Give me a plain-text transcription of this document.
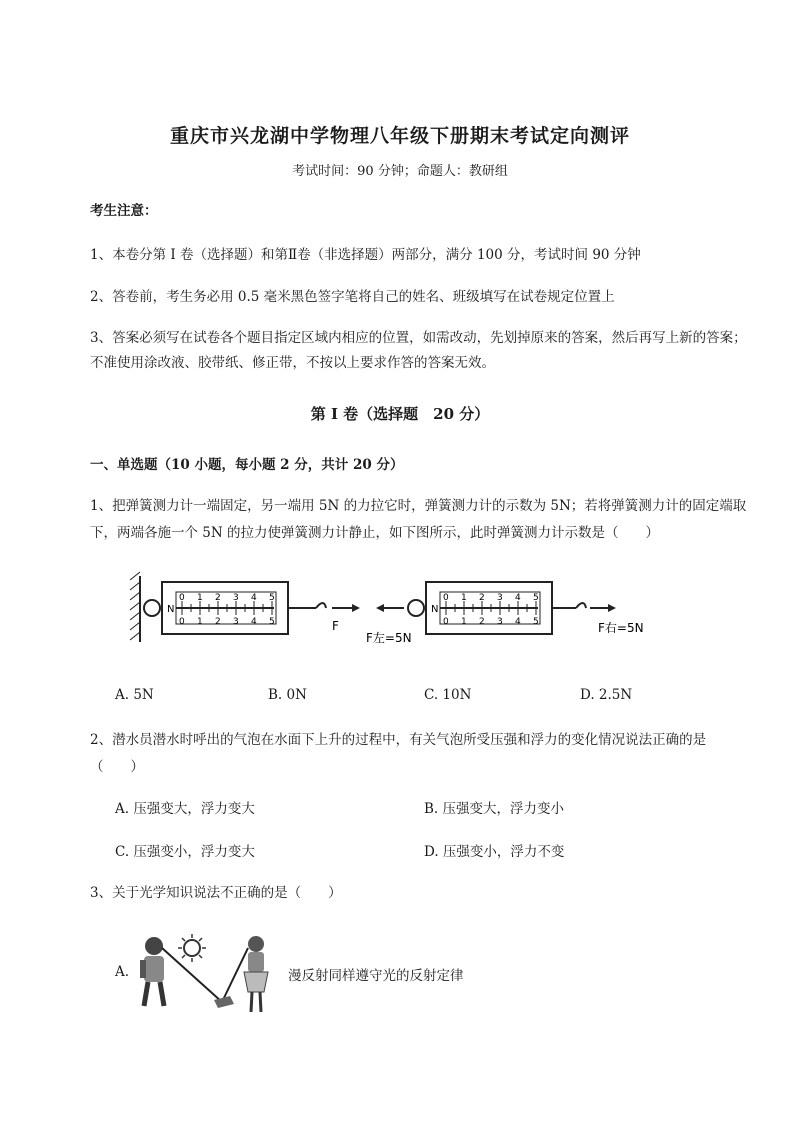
重庆市兴龙湖中学物理八年级下册期末考试定向测评
考试时间：90 分钟；命题人：教研组
考生注意：
1、本卷分第 I 卷（选择题）和第Ⅱ卷（非选择题）两部分，满分 100 分，考试时间 90 分钟
2、答卷前，考生务必用 0.5 毫米黑色签字笔将自己的姓名、班级填写在试卷规定位置上
3、答案必须写在试卷各个题目指定区域内相应的位置，如需改动，先划掉原来的答案，然后再写上新的答案；不准使用涂改液、胶带纸、修正带，不按以上要求作答的答案无效。
第 I 卷（选择题　20 分）
一、单选题（10 小题，每小题 2 分，共计 20 分）
1、把弹簧测力计一端固定，另一端用 5N 的力拉它时，弹簧测力计的示数为 5N；若将弹簧测力计的固定端取下，两端各施一个 5N 的拉力使弹簧测力计静止，如下图所示，此时弹簧测力计示数是（　　）
N
0 1 2 3 4 5
0 1 2 3 4 5	F
N
0 1 2 3 4 5
0 1 2 3 4 5
F左=5N
F右=5N
A. 5N	B. 0N	C. 10N	D. 2.5N
2、潜水员潜水时呼出的气泡在水面下上升的过程中，有关气泡所受压强和浮力的变化情况说法正确的是（　　）
A. 压强变大，浮力变大	B. 压强变大，浮力变小
C. 压强变小，浮力变大	D. 压强变小，浮力不变
3、关于光学知识说法不正确的是（　　）
A.	漫反射同样遵守光的反射定律
